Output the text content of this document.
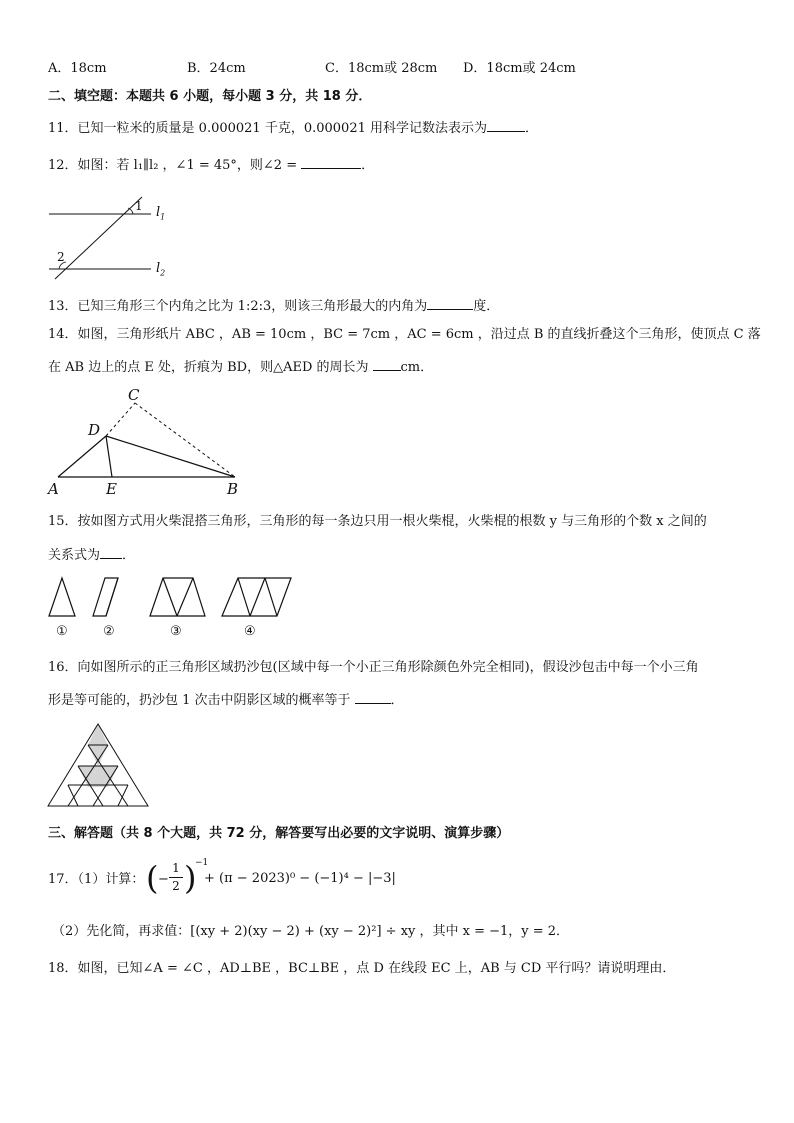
A．18cm	B．24cm	C．18cm或 28cm D．18cm或 24cm
二、填空题：本题共 6 小题，每小题 3 分，共 18 分．
11．已知一粒米的质量是 0.000021 千克，0.000021 用科学记数法表示为	．
12．如图：若 l₁∥l₂ ，∠1 = 45°，则∠2 =	．
1
2
$l_1$
$l_2$
13．已知三角形三个内角之比为 1:2:3，则该三角形最大的内角为	度．
14．如图，三角形纸片 ABC ，AB = 10cm ，BC = 7cm ，AC = 6cm ，沿过点 B 的直线折叠这个三角形，使顶点 C 落
在 AB 边上的点 E 处，折痕为 BD，则△AED 的周长为 cm．
A	E	B
C
D
15．按如图方式用火柴混搭三角形，三角形的每一条边只用一根火柴棍，火柴棍的根数 y 与三角形的个数 x 之间的
关系式为 ．
①	②	③	④
16．向如图所示的正三角形区域扔沙包(区域中每一个小正三角形除颜色外完全相同)，假设沙包击中每一个小三角
形是等可能的，扔沙包 1 次击中阴影区域的概率等于	．
三、解答题（共 8 个大题，共 72 分，解答要写出必要的文字说明、演算步骤）
17．（1）计算： ( −
1
2 )
−1
+ (π − 2023)⁰ − (−1)⁴ − |−3|
（2）先化简，再求值：[(xy + 2)(xy − 2) + (xy − 2)²] ÷ xy ，其中 x = −1，y = 2．
18．如图，已知∠A = ∠C ，AD⊥BE ，BC⊥BE ，点 D 在线段 EC 上，AB 与 CD 平行吗？请说明理由．
